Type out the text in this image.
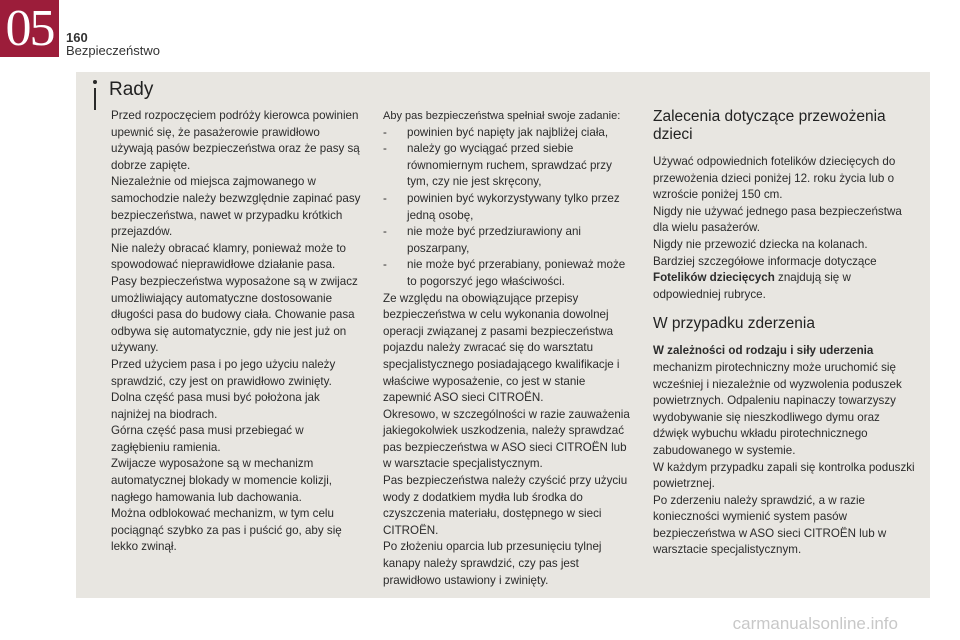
05 160
Bezpieczeństwo
Rady

Przed rozpoczęciem podróży kierowca powinien upewnić się, że pasażerowie prawidłowo używają pasów bezpieczeństwa oraz że pasy są dobrze zapięte.

Niezależnie od miejsca zajmowanego w samochodzie należy bezwzględnie zapinać pasy bezpieczeństwa, nawet w przypadku krótkich przejazdów.

Nie należy obracać klamry, ponieważ może to spowodować nieprawidłowe działanie pasa.

Pasy bezpieczeństwa wyposażone są w zwijacz umożliwiający automatyczne dostosowanie długości pasa do budowy ciała. Chowanie pasa odbywa się automatycznie, gdy nie jest już on używany.

Przed użyciem pasa i po jego użyciu należy sprawdzić, czy jest on prawidłowo zwinięty.

Dolna część pasa musi być położona jak najniżej na biodrach.

Górna część pasa musi przebiegać w zagłębieniu ramienia.

Zwijacze wyposażone są w mechanizm automatycznej blokady w momencie kolizji, nagłego hamowania lub dachowania.

Można odblokować mechanizm, w tym celu pociągnąć szybko za pas i puścić go, aby się lekko zwinął.

Aby pas bezpieczeństwa spełniał swoje zadanie:

-	powinien być napięty jak najbliżej ciała,
-	należy go wyciągać przed siebie równomiernym ruchem, sprawdzać przy tym, czy nie jest skręcony,
-	powinien być wykorzystywany tylko przez jedną osobę,
-	nie może być przedziurawiony ani poszarpany,
-	nie może być przerabiany, ponieważ może to pogorszyć jego właściwości.

Ze względu na obowiązujące przepisy bezpieczeństwa w celu wykonania dowolnej operacji związanej z pasami bezpieczeństwa pojazdu należy zwracać się do warsztatu specjalistycznego posiadającego kwalifikacje i właściwe wyposażenie, co jest w stanie zapewnić ASO sieci CITROËN.

Okresowo, w szczególności w razie zauważenia jakiegokolwiek uszkodzenia, należy sprawdzać pas bezpieczeństwa w ASO sieci CITROËN lub w warsztacie specjalistycznym.

Pas bezpieczeństwa należy czyścić przy użyciu wody z dodatkiem mydła lub środka do czyszczenia materiału, dostępnego w sieci CITROËN.

Po złożeniu oparcia lub przesunięciu tylnej kanapy należy sprawdzić, czy pas jest prawidłowo ustawiony i zwinięty.

Zalecenia dotyczące przewożenia dzieci

Używać odpowiednich fotelików dziecięcych do przewożenia dzieci poniżej 12. roku życia lub o wzroście poniżej 150 cm.

Nigdy nie używać jednego pasa bezpieczeństwa dla wielu pasażerów.

Nigdy nie przewozić dziecka na kolanach.

Bardziej szczegółowe informacje dotyczące Fotelików dziecięcych znajdują się w odpowiedniej rubryce.

W przypadku zderzenia

W zależności od rodzaju i siły uderzenia mechanizm pirotechniczny może uruchomić się wcześniej i niezależnie od wyzwolenia poduszek powietrznych. Odpaleniu napinaczy towarzyszy wydobywanie się nieszkodliwego dymu oraz dźwięk wybuchu wkładu pirotechnicznego zabudowanego w systemie.

W każdym przypadku zapali się kontrolka poduszki powietrznej.

Po zderzeniu należy sprawdzić, a w razie konieczności wymienić system pasów bezpieczeństwa w ASO sieci CITROËN lub w warsztacie specjalistycznym.

carmanualsonline.info
